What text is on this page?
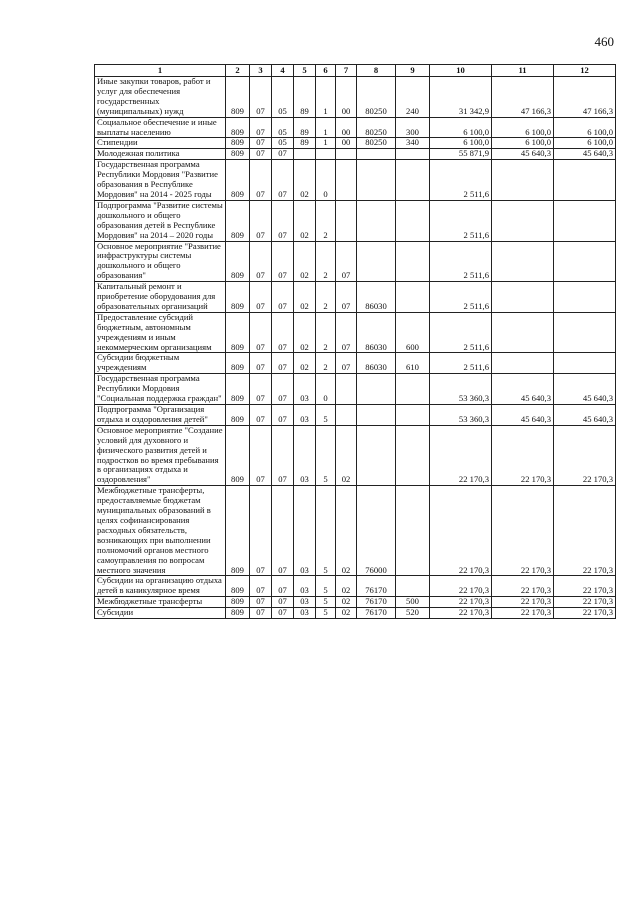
460
1	2	3	4	5	6	7	8	9	10	11	12
Иные закупки товаров, работ и услуг для обеспечения государственных (муниципальных) нужд	809	07	05	89	1	00	80250	240	31 342,9	47 166,3	47 166,3
Социальное обеспечение и иные выплаты населению	809	07	05	89	1	00	80250	300	6 100,0	6 100,0	6 100,0
Стипендии	809	07	05	89	1	00	80250	340	6 100,0	6 100,0	6 100,0
Молодежная политика	809	07	07						55 871,9	45 640,3	45 640,3
Государственная программа Республики Мордовия "Развитие образования в Республике Мордовия" на 2014 - 2025 годы	809	07	07	02	0				2 511,6		
Подпрограмма "Развитие системы дошкольного и общего образования детей в Республике Мордовия" на 2014 – 2020 годы	809	07	07	02	2				2 511,6		
Основное мероприятие "Развитие инфраструктуры системы дошкольного и общего образования"	809	07	07	02	2	07			2 511,6		
Капитальный ремонт и приобретение оборудования для образовательных организаций	809	07	07	02	2	07	86030		2 511,6		
Предоставление субсидий бюджетным, автономным учреждениям и иным некоммерческим организациям	809	07	07	02	2	07	86030	600	2 511,6		
Субсидии бюджетным учреждениям	809	07	07	02	2	07	86030	610	2 511,6		
Государственная программа Республики Мордовия "Социальная поддержка граждан"	809	07	07	03	0				53 360,3	45 640,3	45 640,3
Подпрограмма "Организация отдыха и оздоровления детей"	809	07	07	03	5				53 360,3	45 640,3	45 640,3
Основное мероприятие "Создание условий для духовного и физического развития детей и подростков во время пребывания в организациях отдыха и оздоровления"	809	07	07	03	5	02			22 170,3	22 170,3	22 170,3
Межбюджетные трансферты, предоставляемые бюджетам муниципальных образований в целях софинансирования расходных обязательств, возникающих при выполнении полномочий органов местного самоуправления по вопросам местного значения	809	07	07	03	5	02	76000		22 170,3	22 170,3	22 170,3
Субсидии на организацию отдыха детей в каникулярное время	809	07	07	03	5	02	76170		22 170,3	22 170,3	22 170,3
Межбюджетные трансферты	809	07	07	03	5	02	76170	500	22 170,3	22 170,3	22 170,3
Субсидии	809	07	07	03	5	02	76170	520	22 170,3	22 170,3	22 170,3
